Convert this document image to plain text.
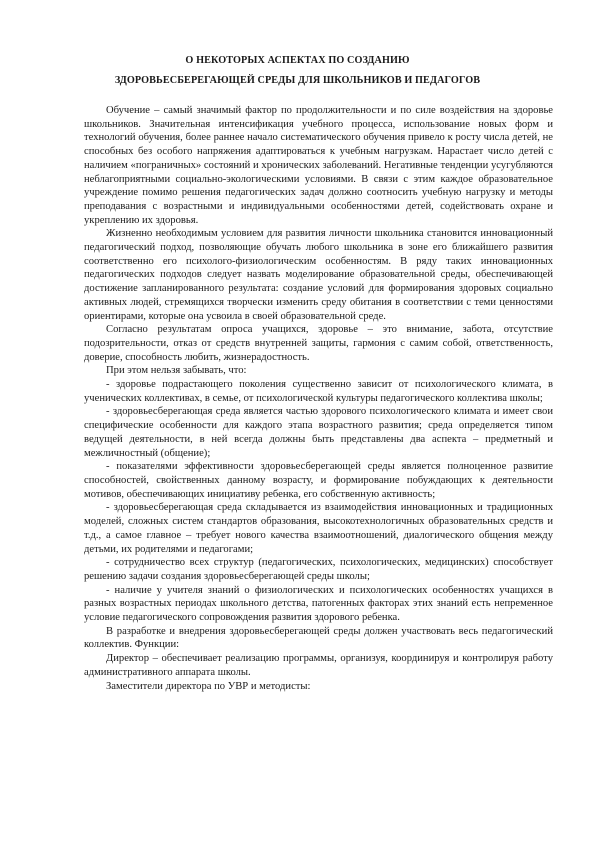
О НЕКОТОРЫХ АСПЕКТАХ ПО СОЗДАНИЮ
ЗДОРОВЬЕСБЕРЕГАЮЩЕЙ СРЕДЫ ДЛЯ ШКОЛЬНИКОВ И ПЕДАГОГОВ

Обучение – самый значимый фактор по продолжительности и по силе воздействия на здоровье школьников. Значительная интенсификация учебного процесса, использование новых форм и технологий обучения, более раннее начало систематического обучения привело к росту числа детей, не способных без особого напряжения адаптироваться к учебным нагрузкам. Нарастает число детей с наличием «пограничных» состояний и хронических заболеваний. Негативные тенденции усугубляются неблагоприятными социально-экологическими условиями. В связи с этим каждое образовательное учреждение помимо решения педагогических задач должно соотносить учебную нагрузку и методы преподавания с возрастными и индивидуальными особенностями детей, содействовать охране и укреплению их здоровья.

Жизненно необходимым условием для развития личности школьника становится инновационный педагогический подход, позволяющие обучать любого школьника в зоне его ближайшего развития соответственно его психолого-физиологическим особенностям. В ряду таких инновационных педагогических подходов следует назвать моделирование образовательной среды, обеспечивающей достижение запланированного результата: создание условий для формирования здоровых социально активных людей, стремящихся творчески изменить среду обитания в соответствии с теми ценностями ориентирами, которые она усвоила в своей образовательной среде.

Согласно результатам опроса учащихся, здоровье – это внимание, забота, отсутствие подозрительности, отказ от средств внутренней защиты, гармония с самим собой, ответственность, доверие, способность любить, жизнерадостность.

При этом нельзя забывать, что:

- здоровье подрастающего поколения существенно зависит от психологического климата, в ученических коллективах, в семье, от психологической культуры педагогического коллектива школы;

- здоровьесберегающая среда является частью здорового психологического климата и имеет свои специфические особенности для каждого этапа возрастного развития; среда определяется типом ведущей деятельности, в ней всегда должны быть представлены два аспекта – предметный и межличностный (общение);

- показателями эффективности здоровьесберегающей среды является полноценное развитие способностей, свойственных данному возрасту, и формирование побуждающих к деятельности мотивов, обеспечивающих инициативу ребенка, его собственную активность;

- здоровьесберегающая среда складывается из взаимодействия инновационных и традиционных моделей, сложных систем стандартов образования, высокотехнологичных образовательных средств и т.д., а самое главное – требует нового качества взаимоотношений, диалогического общения между детьми, их родителями и педагогами;

- сотрудничество всех структур (педагогических, психологических, медицинских) способствует решению задачи создания здоровьесберегающей среды школы;

- наличие у учителя знаний о физиологических и психологических особенностях учащихся в разных возрастных периодах школьного детства, патогенных факторах этих знаний есть непременное условие педагогического сопровождения развития здорового ребенка.

В разработке и внедрения здоровьесберегающей среды должен участвовать весь педагогический коллектив. Функции:

Директор – обеспечивает реализацию программы, организуя, координируя и контролируя работу административного аппарата школы.

Заместители директора по УВР и методисты:
